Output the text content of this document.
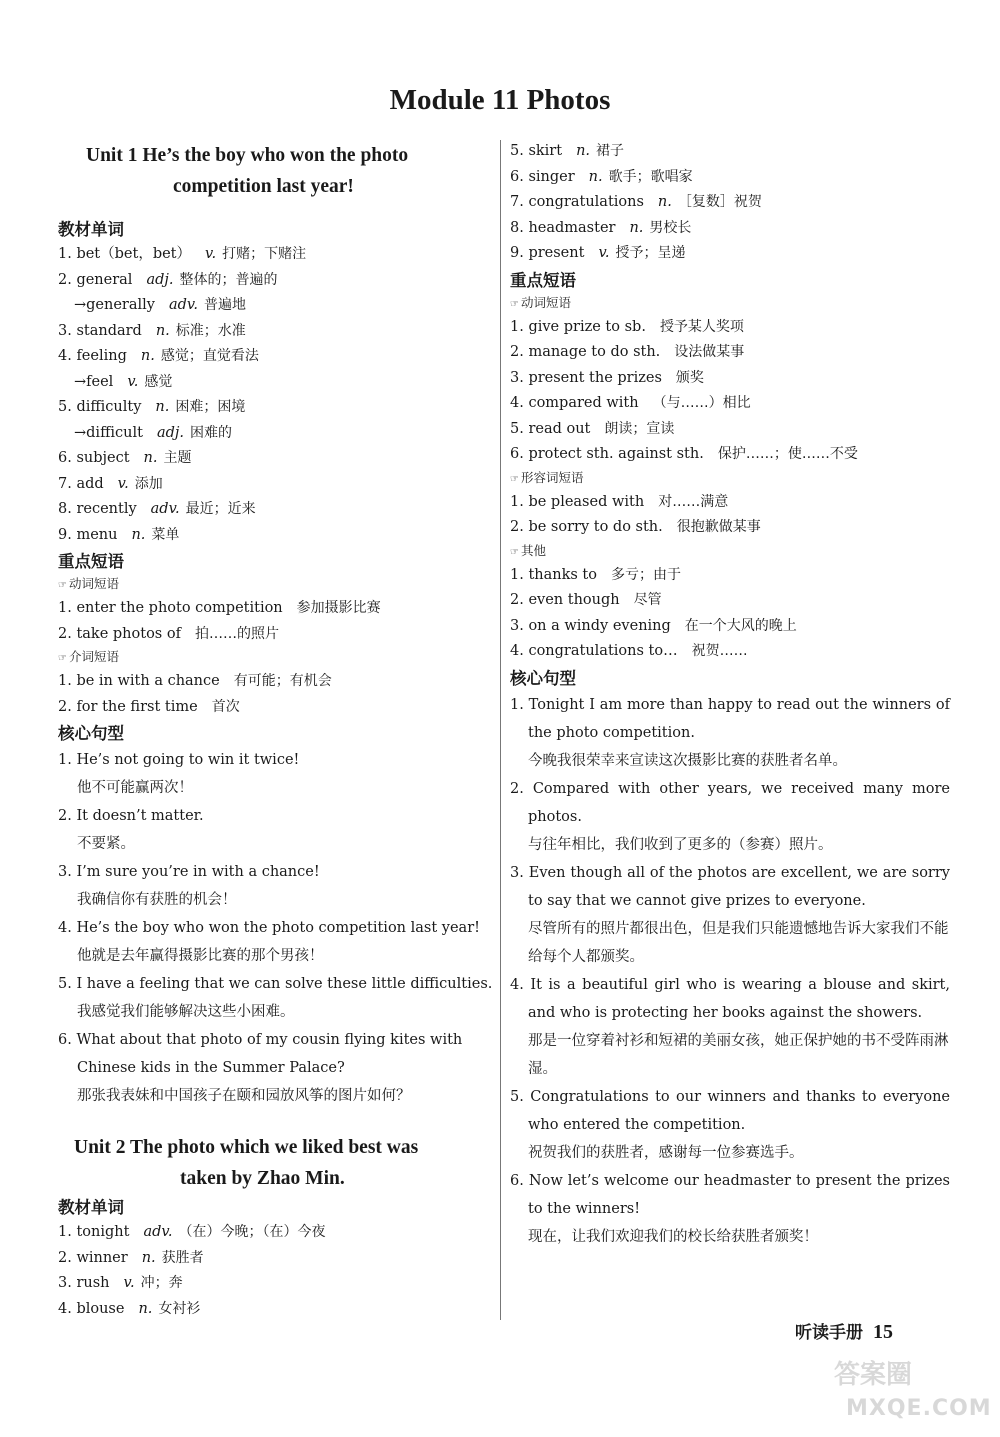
Module 11 Photos
Unit 1 He’s the boy who won the photo
competition last year!
教材单词
1. bet（bet，bet） v. 打赌；下赌注
2. general adj. 整体的；普遍的
→generally adv. 普遍地
3. standard n. 标准；水准
4. feeling n. 感觉；直觉看法
→feel v. 感觉
5. difficulty n. 困难；困境
→difficult adj. 困难的
6. subject n. 主题
7. add v. 添加
8. recently adv. 最近；近来
9. menu n. 菜单
重点短语
☞ 动词短语
1. enter the photo competition 参加摄影比赛
2. take photos of 拍……的照片
☞ 介词短语
1. be in with a chance 有可能；有机会
2. for the first time 首次
核心句型
1. He’s not going to win it twice!
他不可能赢两次！
2. It doesn’t matter.
不要紧。
3. I’m sure you’re in with a chance!
我确信你有获胜的机会！
4. He’s the boy who won the photo competition last year!
他就是去年赢得摄影比赛的那个男孩！
5. I have a feeling that we can solve these little difficulties.
我感觉我们能够解决这些小困难。
6. What about that photo of my cousin flying kites with Chinese kids in the Summer Palace?
那张我表妹和中国孩子在颐和园放风筝的图片如何？
Unit 2 The photo which we liked best was
taken by Zhao Min.
教材单词
1. tonight adv. （在）今晚；（在）今夜
2. winner n. 获胜者
3. rush v. 冲；奔
4. blouse n. 女衬衫
5. skirt n. 裙子
6. singer n. 歌手；歌唱家
7. congratulations n. ［复数］祝贺
8. headmaster n. 男校长
9. present v. 授予；呈递
重点短语
☞ 动词短语
1. give prize to sb. 授予某人奖项
2. manage to do sth. 设法做某事
3. present the prizes 颁奖
4. compared with （与……）相比
5. read out 朗读；宣读
6. protect sth. against sth. 保护……；使……不受
☞ 形容词短语
1. be pleased with 对……满意
2. be sorry to do sth. 很抱歉做某事
☞ 其他
1. thanks to 多亏；由于
2. even though 尽管
3. on a windy evening 在一个大风的晚上
4. congratulations to… 祝贺……
核心句型
1. Tonight I am more than happy to read out the winners of the photo competition.
今晚我很荣幸来宣读这次摄影比赛的获胜者名单。
2. Compared with other years, we received many more photos.
与往年相比，我们收到了更多的（参赛）照片。
3. Even though all of the photos are excellent, we are sorry to say that we cannot give prizes to everyone.
尽管所有的照片都很出色，但是我们只能遗憾地告诉大家我们不能给每个人都颁奖。
4. It is a beautiful girl who is wearing a blouse and skirt, and who is protecting her books against the showers.
那是一位穿着衬衫和短裙的美丽女孩，她正保护她的书不受阵雨淋湿。
5. Congratulations to our winners and thanks to everyone who entered the competition.
祝贺我们的获胜者，感谢每一位参赛选手。
6. Now let’s welcome our headmaster to present the prizes to the winners!
现在，让我们欢迎我们的校长给获胜者颁奖！
听读手册 15
答案圈
MXQE.COM
